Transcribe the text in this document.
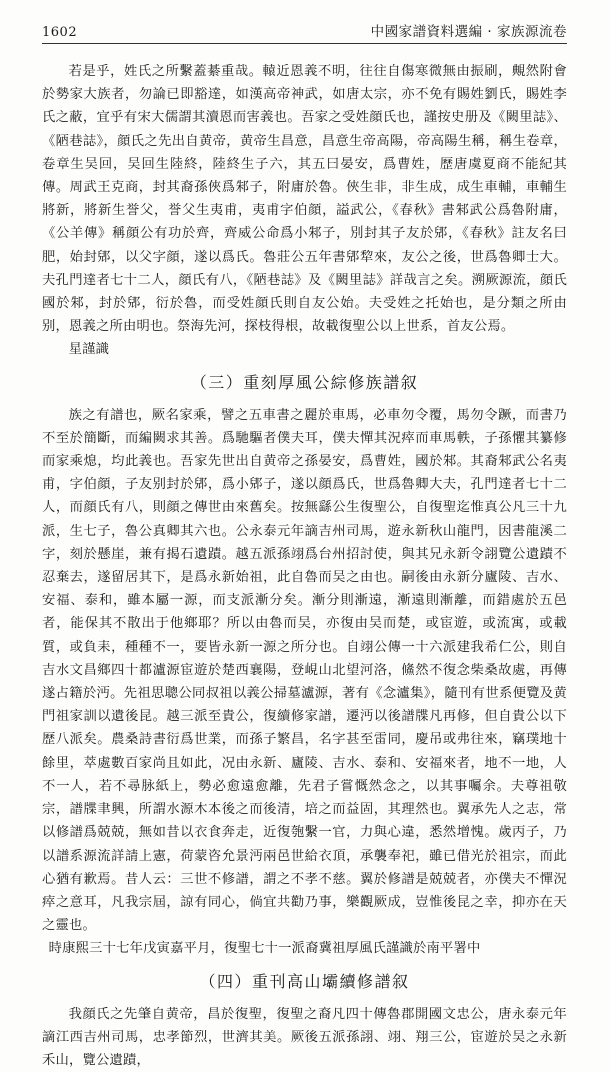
1602	中國家譜資料選編 · 家族源流卷

若是乎，姓氏之所繫蓋綦重哉。轅近恩義不明，往往自傷寒微無由振刷，覥然附會於勢家大族者，勿論已即豁達，如漢高帝神武，如唐太宗，亦不免有賜姓劉氏，賜姓李氏之蔽，宜乎有宋大儒謂其瀆恩而害義也。吾家之受姓顔氏也，謹按史册及《闕里誌》、《陋巷誌》，顔氏之先出自黄帝，黄帝生昌意，昌意生帝高陽，帝高陽生稱，稱生卷章，卷章生吴回，吴回生陸終，陸終生子六，其五曰晏安，爲曹姓，歷唐虞夏商不能紀其傳。周武王克商，封其裔孫俠爲邾子，附庸於魯。俠生非，非生成，成生車輔，車輔生將新，將新生誉父，誉父生夷甫，夷甫字伯顔，謚武公，《春秋》書邾武公爲魯附庸，《公羊傳》稱顔公有功於齊，齊威公命爲小邾子，別封其子友於郳，《春秋》註友名曰肥，始封郳，以父字顔，遂以爲氏。魯莊公五年書郳犂來，友公之後，世爲魯卿士大。夫孔門達者七十二人，顔氏有八，《陋巷誌》及《闕里誌》詳哉言之矣。溯厥源流，顔氏國於邾，封於郳，衍於魯，而受姓顔氏則自友公始。夫受姓之托始也，是分類之所由别，恩義之所由明也。祭海先河，探枝得根，故載復聖公以上世系，首友公焉。

星謹識

（三）重刻厚風公綜修族譜叙

族之有譜也，厥名家乘，譬之五車書之麗於車馬，必車勿令覆，馬勿令蹶，而書乃不至於簡斷，而編闕求其善。爲馳驅者僕夫耳，僕夫憚其況瘁而車馬軼，子孫懼其纂修而家乘熄，均此義也。吾家先世出自黄帝之孫晏安，爲曹姓，國於邾。其裔邾武公名夷甫，字伯顔，子友别封於郳，爲小郳子，遂以顔爲氏，世爲魯卿大夫，孔門達者七十二人，而顔氏有八，則顔之傳世由來舊矣。按無繇公生復聖公，自復聖迄惟真公凡三十九派，生七子，魯公真卿其六也。公永泰元年謫吉州司馬，遊永新秋山龍門，因書龍溪二字，刻於懸崖，兼有揭石遺蹟。越五派孫翊爲台州招討使，與其兄永新令詡覽公遺蹟不忍棄去，遂留居其下，是爲永新始祖，此自魯而吴之由也。嗣後由永新分廬陵、吉水、安福、泰和，雖本屬一源，而支派漸分矣。漸分則漸遠，漸遠則漸離，而錯處於五邑者，能保其不散出于他鄉耶？所以由魯而吴，亦復由吴而楚，或宦遊，或流寓，或載質，或負耒，種種不一，要皆永新一源之所分也。自翊公傳一十六派建我希仁公，則自吉水文昌鄉四十都瀘源宦遊於楚西襄陽，登峴山北望河洛，鯈然不復念柴桑故處，再傳遂占籍於沔。先祖思聰公同叔祖以義公掃墓瀘源，著有《念瀘集》，隨刊有世系便覽及黄門祖家訓以遺後昆。越三派至貴公，復續修家譜，遷沔以後譜牒凡再修，但自貴公以下歷八派矣。農桑詩書衍爲世業，而孫子繁昌，名字甚至雷同，慶吊或弗往來，竊璞地十餘里，萃處數百家尚且如此，况由永新、廬陵、吉水、泰和、安福來者，地不一地，人不一人，若不尋脉紙上，勢必愈遠愈離，先君子嘗慨然念之，以其事囑余。夫尊祖敬宗，譜牒聿興，所謂水源木本後之而後清，培之而益固，其理然也。翼承先人之志，常以修譜爲兢兢，無如昔以衣食奔走，近復匏繫一官，力與心違，悉然增愧。歲丙子，乃以譜系源流詳請上憲，荷蒙咨允景沔兩邑世給衣頂，承襲奉祀，雖已借光於祖宗，而此心猶有歉焉。昔人云：三世不修譜，謂之不孝不慈。翼於修譜是兢兢者，亦僕夫不憚況瘁之意耳，凡我宗屆，諒有同心，倘宜共勸乃事，樂觀厥成，豈惟後昆之幸，抑亦在天之靈也。

時康熙三十七年戊寅嘉平月，復聖七十一派裔冀祖厚風氏謹識於南平署中

（四）重刊高山壩續修譜叙

我顔氏之先肇自黄帝，昌於復聖，復聖之裔凡四十傳魯郡開國文忠公，唐永泰元年謫江西吉州司馬，忠孝節烈，世濟其美。厥後五派孫詡、翊、翔三公，宦遊於吴之永新禾山，覽公遺蹟，
